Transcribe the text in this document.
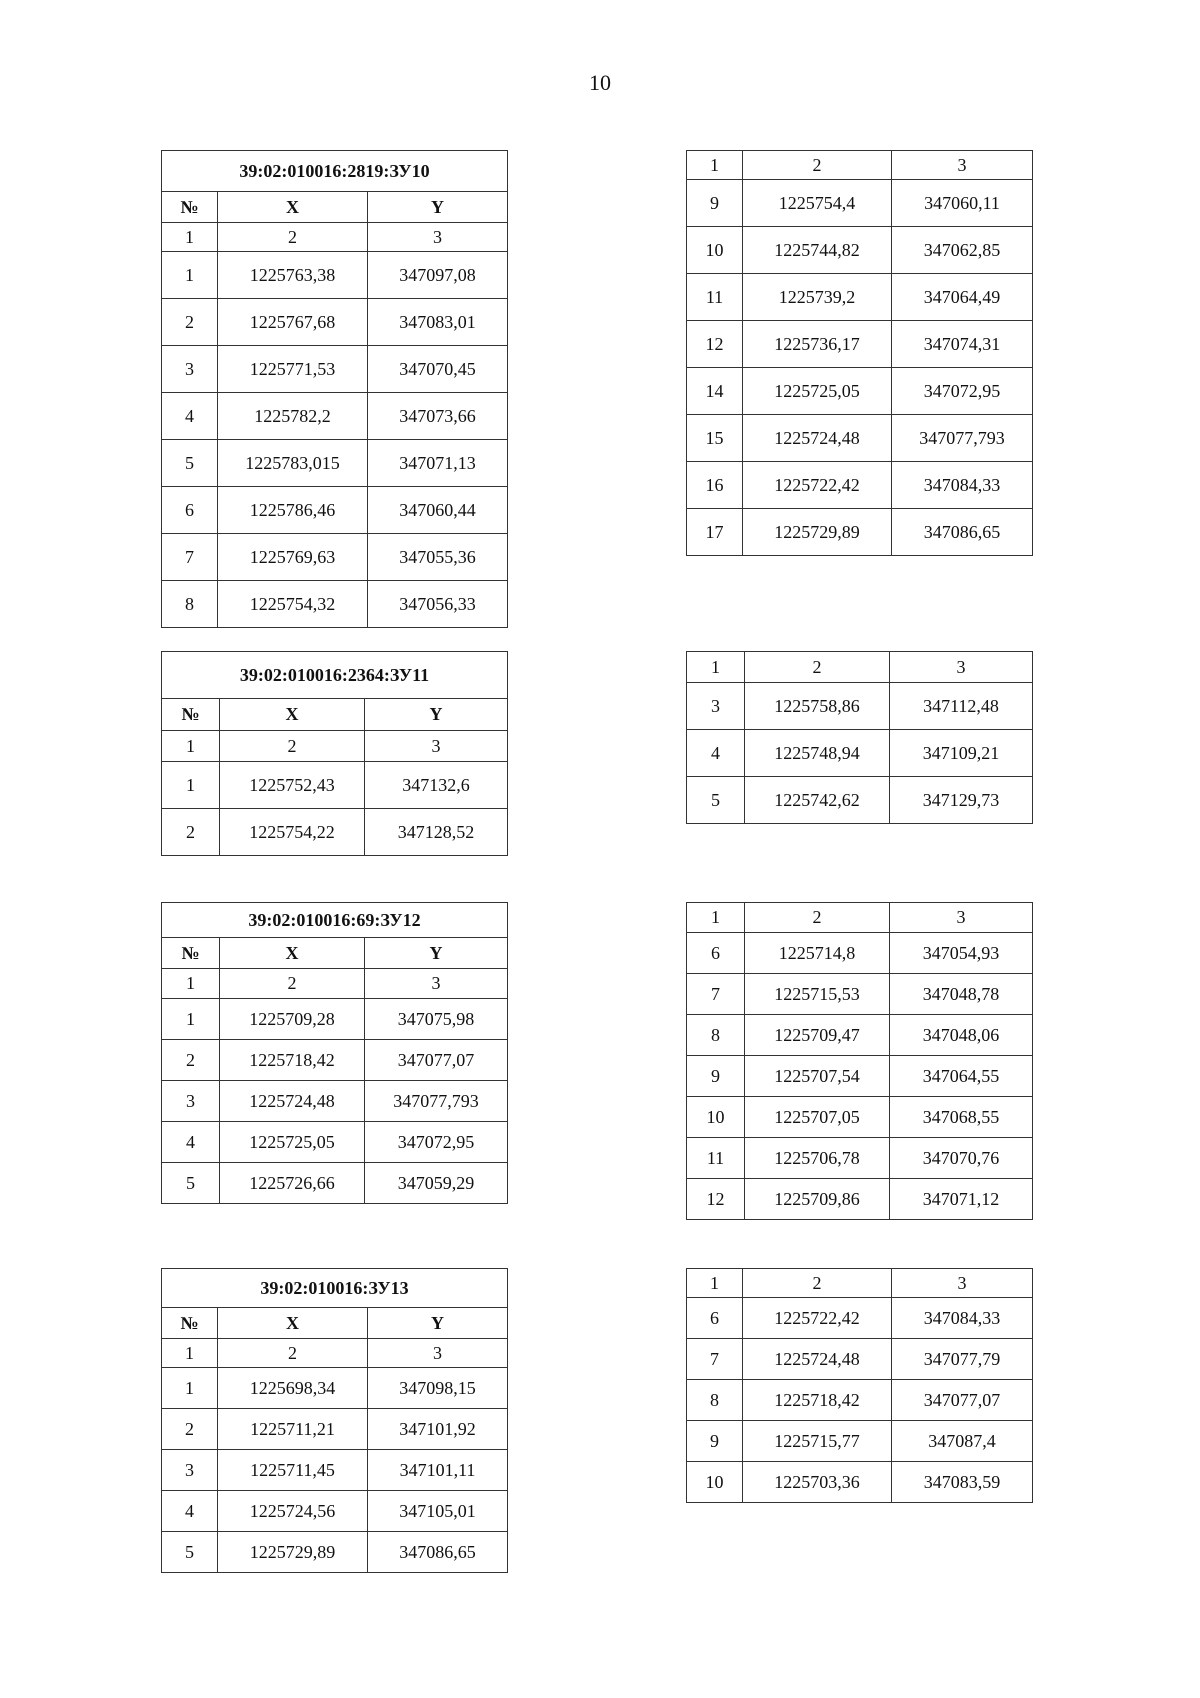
10
39:02:010016:2819:ЗУ10		
№	X	Y
1	2	3
1	1225763,38	347097,08
2	1225767,68	347083,01
3	1225771,53	347070,45
4	1225782,2	347073,66
5	1225783,015	347071,13
6	1225786,46	347060,44
7	1225769,63	347055,36
8	1225754,32	347056,33
1	2	3
9	1225754,4	347060,11
10	1225744,82	347062,85
11	1225739,2	347064,49
12	1225736,17	347074,31
14	1225725,05	347072,95
15	1225724,48	347077,793
16	1225722,42	347084,33
17	1225729,89	347086,65
39:02:010016:2364:ЗУ11		
№	X	Y
1	2	3
1	1225752,43	347132,6
2	1225754,22	347128,52
1	2	3
3	1225758,86	347112,48
4	1225748,94	347109,21
5	1225742,62	347129,73
39:02:010016:69:ЗУ12		
№	X	Y
1	2	3
1	1225709,28	347075,98
2	1225718,42	347077,07
3	1225724,48	347077,793
4	1225725,05	347072,95
5	1225726,66	347059,29
1	2	3
6	1225714,8	347054,93
7	1225715,53	347048,78
8	1225709,47	347048,06
9	1225707,54	347064,55
10	1225707,05	347068,55
11	1225706,78	347070,76
12	1225709,86	347071,12
39:02:010016:ЗУ13		
№	X	Y
1	2	3
1	1225698,34	347098,15
2	1225711,21	347101,92
3	1225711,45	347101,11
4	1225724,56	347105,01
5	1225729,89	347086,65
1	2	3
6	1225722,42	347084,33
7	1225724,48	347077,79
8	1225718,42	347077,07
9	1225715,77	347087,4
10	1225703,36	347083,59
